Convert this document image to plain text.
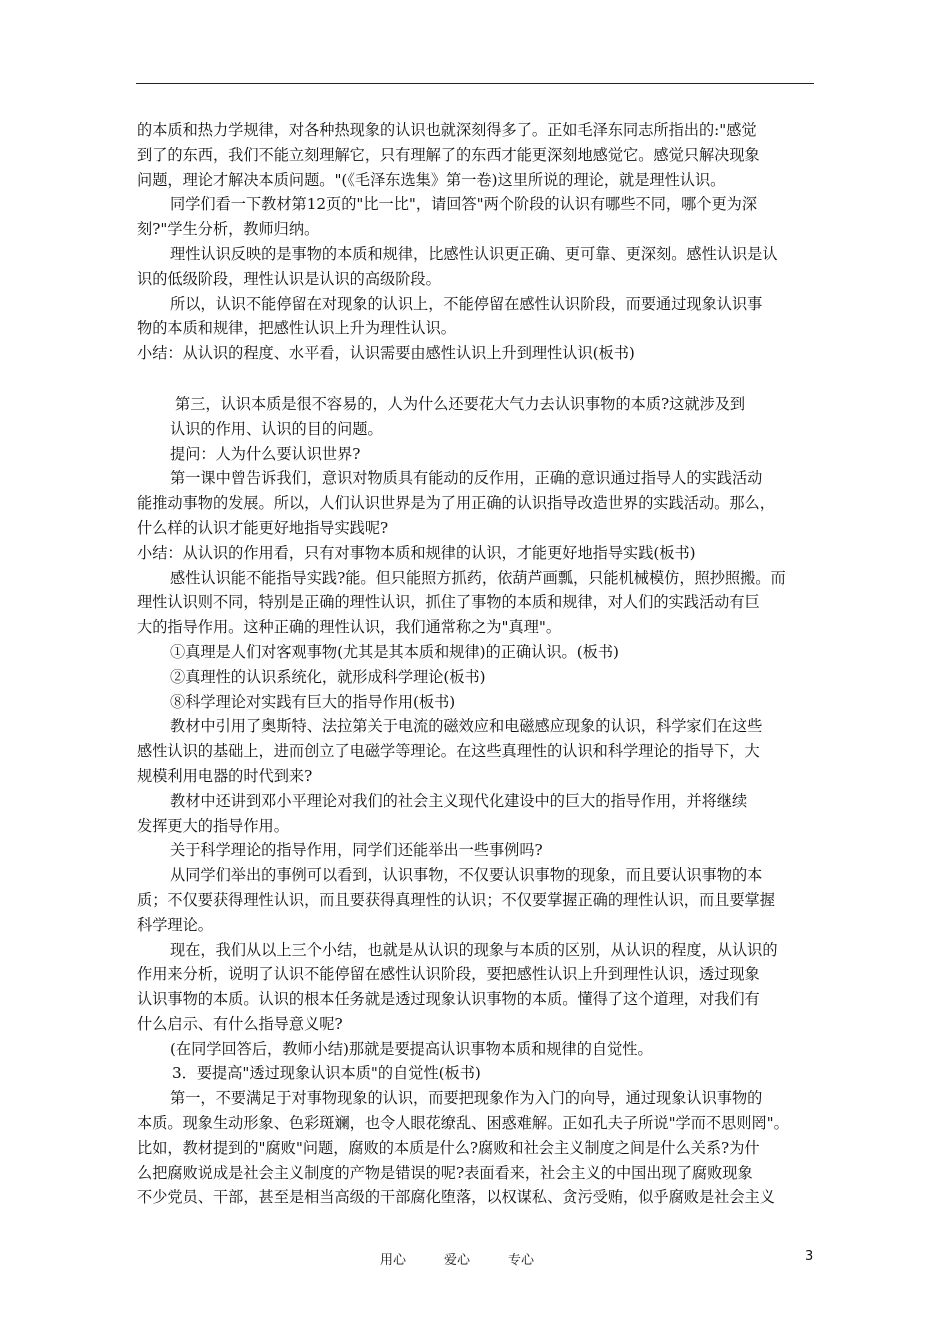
的本质和热力学规律，对各种热现象的认识也就深刻得多了。正如毛泽东同志所指出的:"感觉
到了的东西，我们不能立刻理解它，只有理解了的东西才能更深刻地感觉它。感觉只解决现象
问题，理论才解决本质问题。"(《毛泽东选集》第一卷)这里所说的理论，就是理性认识。
同学们看一下教材第12页的"比一比"，请回答"两个阶段的认识有哪些不同，哪个更为深
刻?"学生分析，教师归纳。
理性认识反映的是事物的本质和规律，比感性认识更正确、更可靠、更深刻。感性认识是认
识的低级阶段，理性认识是认识的高级阶段。
所以，认识不能停留在对现象的认识上，不能停留在感性认识阶段，而要通过现象认识事
物的本质和规律，把感性认识上升为理性认识。
小结：从认识的程度、水平看，认识需要由感性认识上升到理性认识(板书)
第三，认识本质是很不容易的，人为什么还要花大气力去认识事物的本质?这就涉及到
认识的作用、认识的目的问题。
提问：人为什么要认识世界?
第一课中曾告诉我们，意识对物质具有能动的反作用，正确的意识通过指导人的实践活动
能推动事物的发展。所以，人们认识世界是为了用正确的认识指导改造世界的实践活动。那么，
什么样的认识才能更好地指导实践呢?
小结：从认识的作用看，只有对事物本质和规律的认识，才能更好地指导实践(板书)
感性认识能不能指导实践?能。但只能照方抓药，依葫芦画瓢，只能机械模仿，照抄照搬。而
理性认识则不同，特别是正确的理性认识，抓住了事物的本质和规律，对人们的实践活动有巨
大的指导作用。这种正确的理性认识，我们通常称之为"真理"。
①真理是人们对客观事物(尤其是其本质和规律)的正确认识。(板书)
②真理性的认识系统化，就形成科学理论(板书)
⑧科学理论对实践有巨大的指导作用(板书)
教材中引用了奥斯特、法拉第关于电流的磁效应和电磁感应现象的认识，科学家们在这些
感性认识的基础上，进而创立了电磁学等理论。在这些真理性的认识和科学理论的指导下，大
规模利用电器的时代到来?
教材中还讲到邓小平理论对我们的社会主义现代化建设中的巨大的指导作用，并将继续
发挥更大的指导作用。
关于科学理论的指导作用，同学们还能举出一些事例吗?
从同学们举出的事例可以看到，认识事物，不仅要认识事物的现象，而且要认识事物的本
质；不仅要获得理性认识，而且要获得真理性的认识；不仅要掌握正确的理性认识，而且要掌握
科学理论。
现在，我们从以上三个小结，也就是从认识的现象与本质的区别，从认识的程度，从认识的
作用来分析，说明了认识不能停留在感性认识阶段，要把感性认识上升到理性认识，透过现象
认识事物的本质。认识的根本任务就是透过现象认识事物的本质。懂得了这个道理，对我们有
什么启示、有什么指导意义呢?
(在同学回答后，教师小结)那就是要提高认识事物本质和规律的自觉性。
3．要提高"透过现象认识本质"的自觉性(板书)
第一，不要满足于对事物现象的认识，而要把现象作为入门的向导，通过现象认识事物的
本质。现象生动形象、色彩斑斓，也令人眼花缭乱、困惑难解。正如孔夫子所说"学而不思则罔"。
比如，教材提到的"腐败"问题，腐败的本质是什么?腐败和社会主义制度之间是什么关系?为什
么把腐败说成是社会主义制度的产物是错误的呢?表面看来，社会主义的中国出现了腐败现象
不少党员、干部，甚至是相当高级的干部腐化堕落，以权谋私、贪污受贿，似乎腐败是社会主义
用心	爱心	专心	3
